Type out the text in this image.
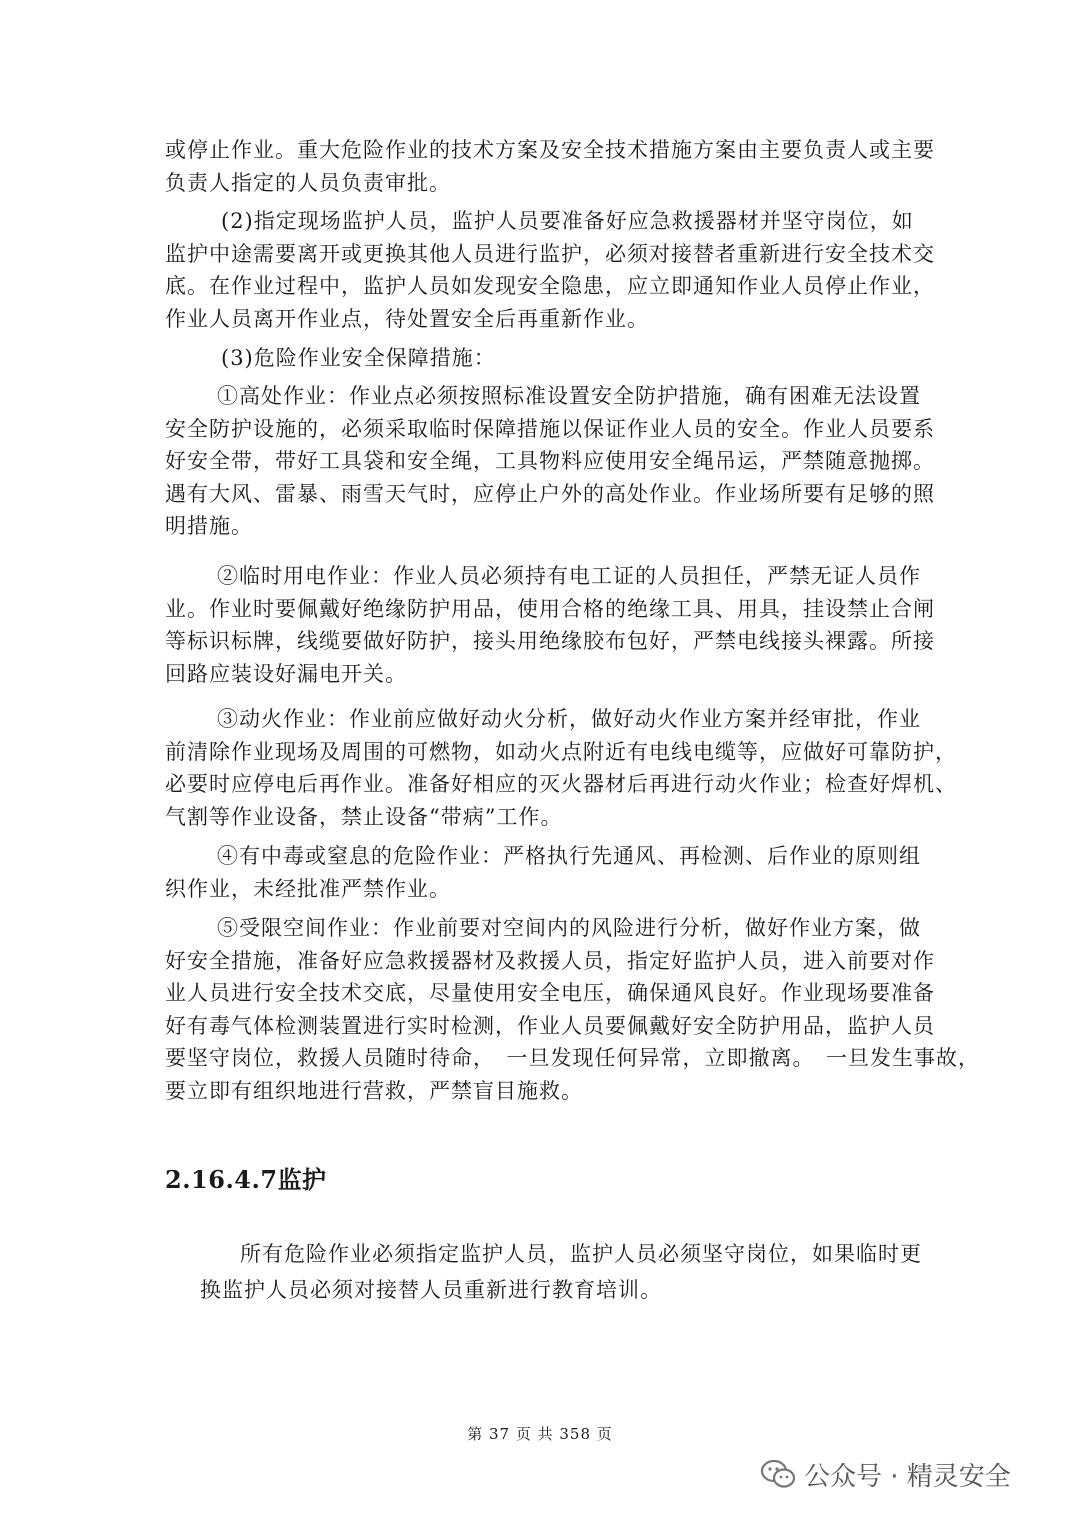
或停止作业。重大危险作业的技术方案及安全技术措施方案由主要负责人或主要
负责人指定的人员负责审批。
(2)指定现场监护人员，监护人员要准备好应急救援器材并坚守岗位，如
监护中途需要离开或更换其他人员进行监护，必须对接替者重新进行安全技术交
底。在作业过程中，监护人员如发现安全隐患，应立即通知作业人员停止作业，
作业人员离开作业点，待处置安全后再重新作业。
(3)危险作业安全保障措施：
①高处作业：作业点必须按照标准设置安全防护措施，确有困难无法设置
安全防护设施的，必须采取临时保障措施以保证作业人员的安全。作业人员要系
好安全带，带好工具袋和安全绳，工具物料应使用安全绳吊运，严禁随意抛掷。
遇有大风、雷暴、雨雪天气时，应停止户外的高处作业。作业场所要有足够的照
明措施。
②临时用电作业：作业人员必须持有电工证的人员担任，严禁无证人员作
业。作业时要佩戴好绝缘防护用品，使用合格的绝缘工具、用具，挂设禁止合闸
等标识标牌，线缆要做好防护，接头用绝缘胶布包好，严禁电线接头裸露。所接
回路应装设好漏电开关。
③动火作业：作业前应做好动火分析，做好动火作业方案并经审批，作业
前清除作业现场及周围的可燃物，如动火点附近有电线电缆等，应做好可靠防护，
必要时应停电后再作业。准备好相应的灭火器材后再进行动火作业；检查好焊机、
气割等作业设备，禁止设备“带病”工作。
④有中毒或窒息的危险作业：严格执行先通风、再检测、后作业的原则组
织作业，未经批准严禁作业。
⑤受限空间作业：作业前要对空间内的风险进行分析，做好作业方案，做
好安全措施，准备好应急救援器材及救援人员，指定好监护人员，进入前要对作
业人员进行安全技术交底，尽量使用安全电压，确保通风良好。作业现场要准备
好有毒气体检测装置进行实时检测，作业人员要佩戴好安全防护用品，监护人员
要坚守岗位，救援人员随时待命，　一旦发现任何异常，立即撤离。　一旦发生事故，
要立即有组织地进行营救，严禁盲目施救。
2.16.4.7监护
所有危险作业必须指定监护人员，监护人员必须坚守岗位，如果临时更
换监护人员必须对接替人员重新进行教育培训。
第 37 页 共 358 页
公众号 · 精灵安全
